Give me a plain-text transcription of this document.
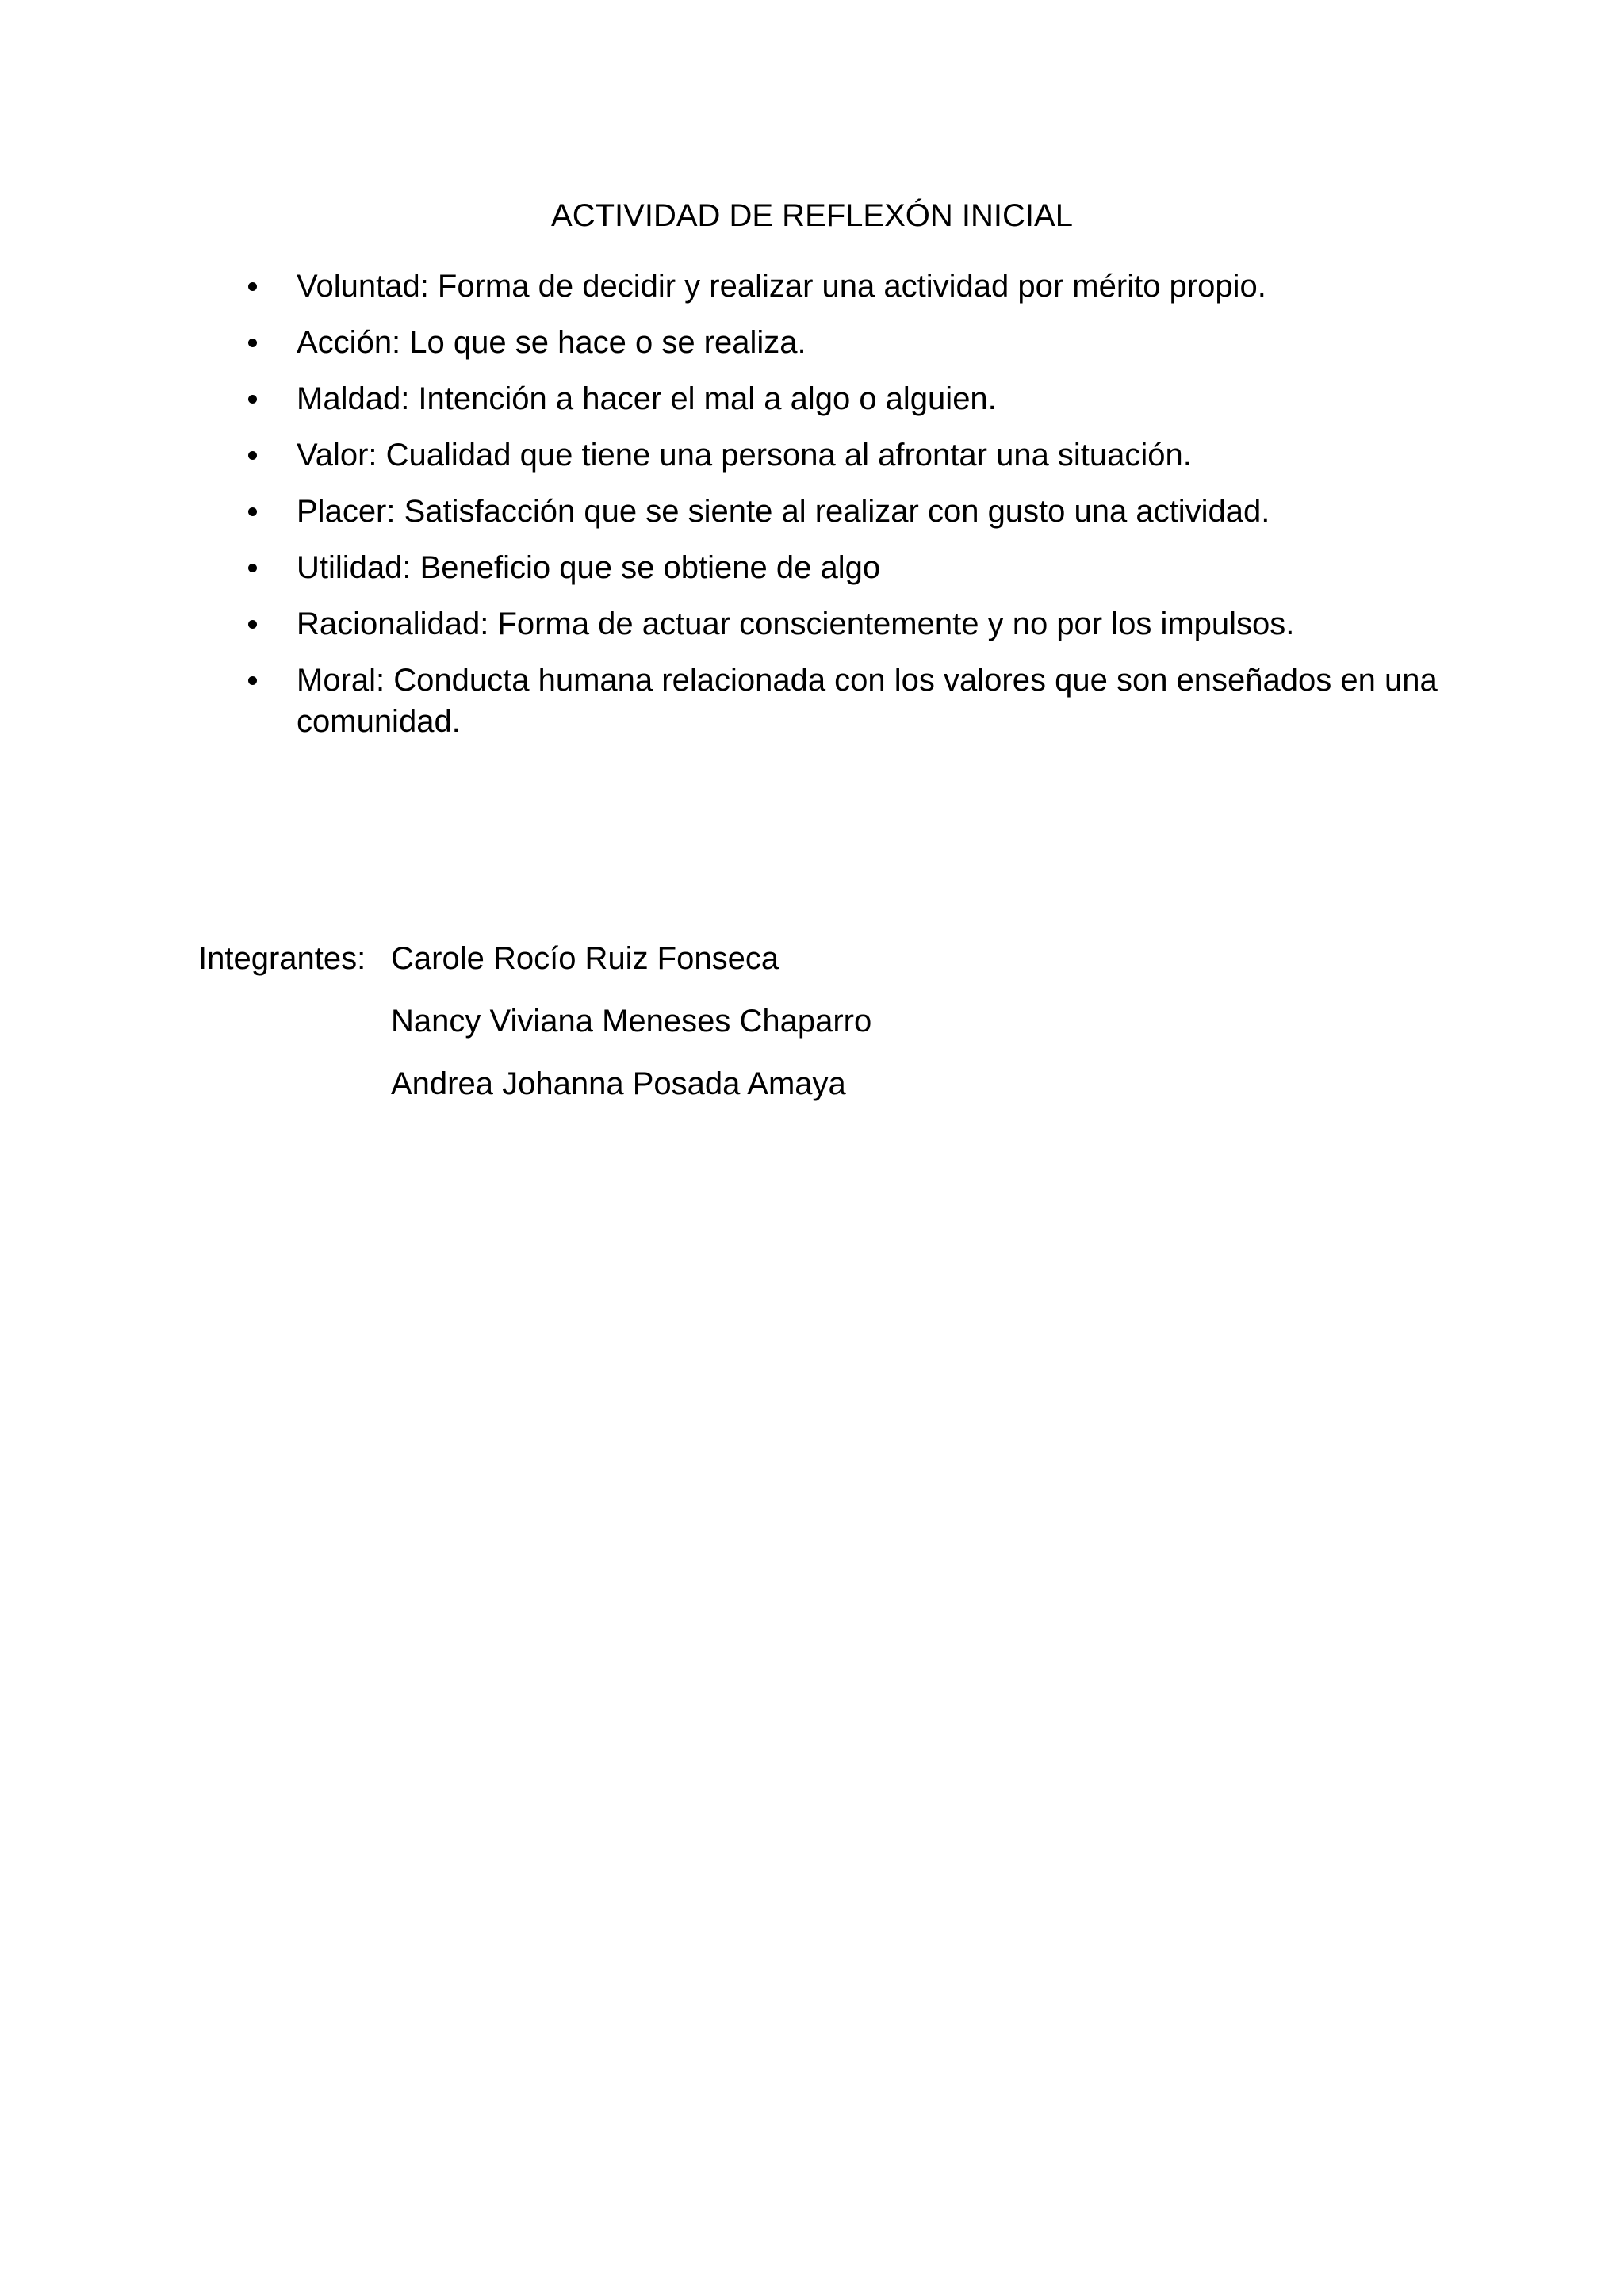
ACTIVIDAD DE REFLEXÓN INICIAL
Voluntad: Forma de decidir y realizar una actividad por mérito propio.
Acción: Lo que se hace o se realiza.
Maldad: Intención a hacer el mal a algo o alguien.
Valor: Cualidad que tiene una persona al afrontar una situación.
Placer: Satisfacción que se siente al realizar con gusto una actividad.
Utilidad: Beneficio que se obtiene de algo
Racionalidad: Forma de actuar conscientemente y no por los impulsos.
Moral: Conducta humana relacionada con los valores que son enseñados en una comunidad.
Integrantes: Carole Rocío Ruiz Fonseca
Nancy Viviana Meneses Chaparro
Andrea Johanna Posada Amaya
